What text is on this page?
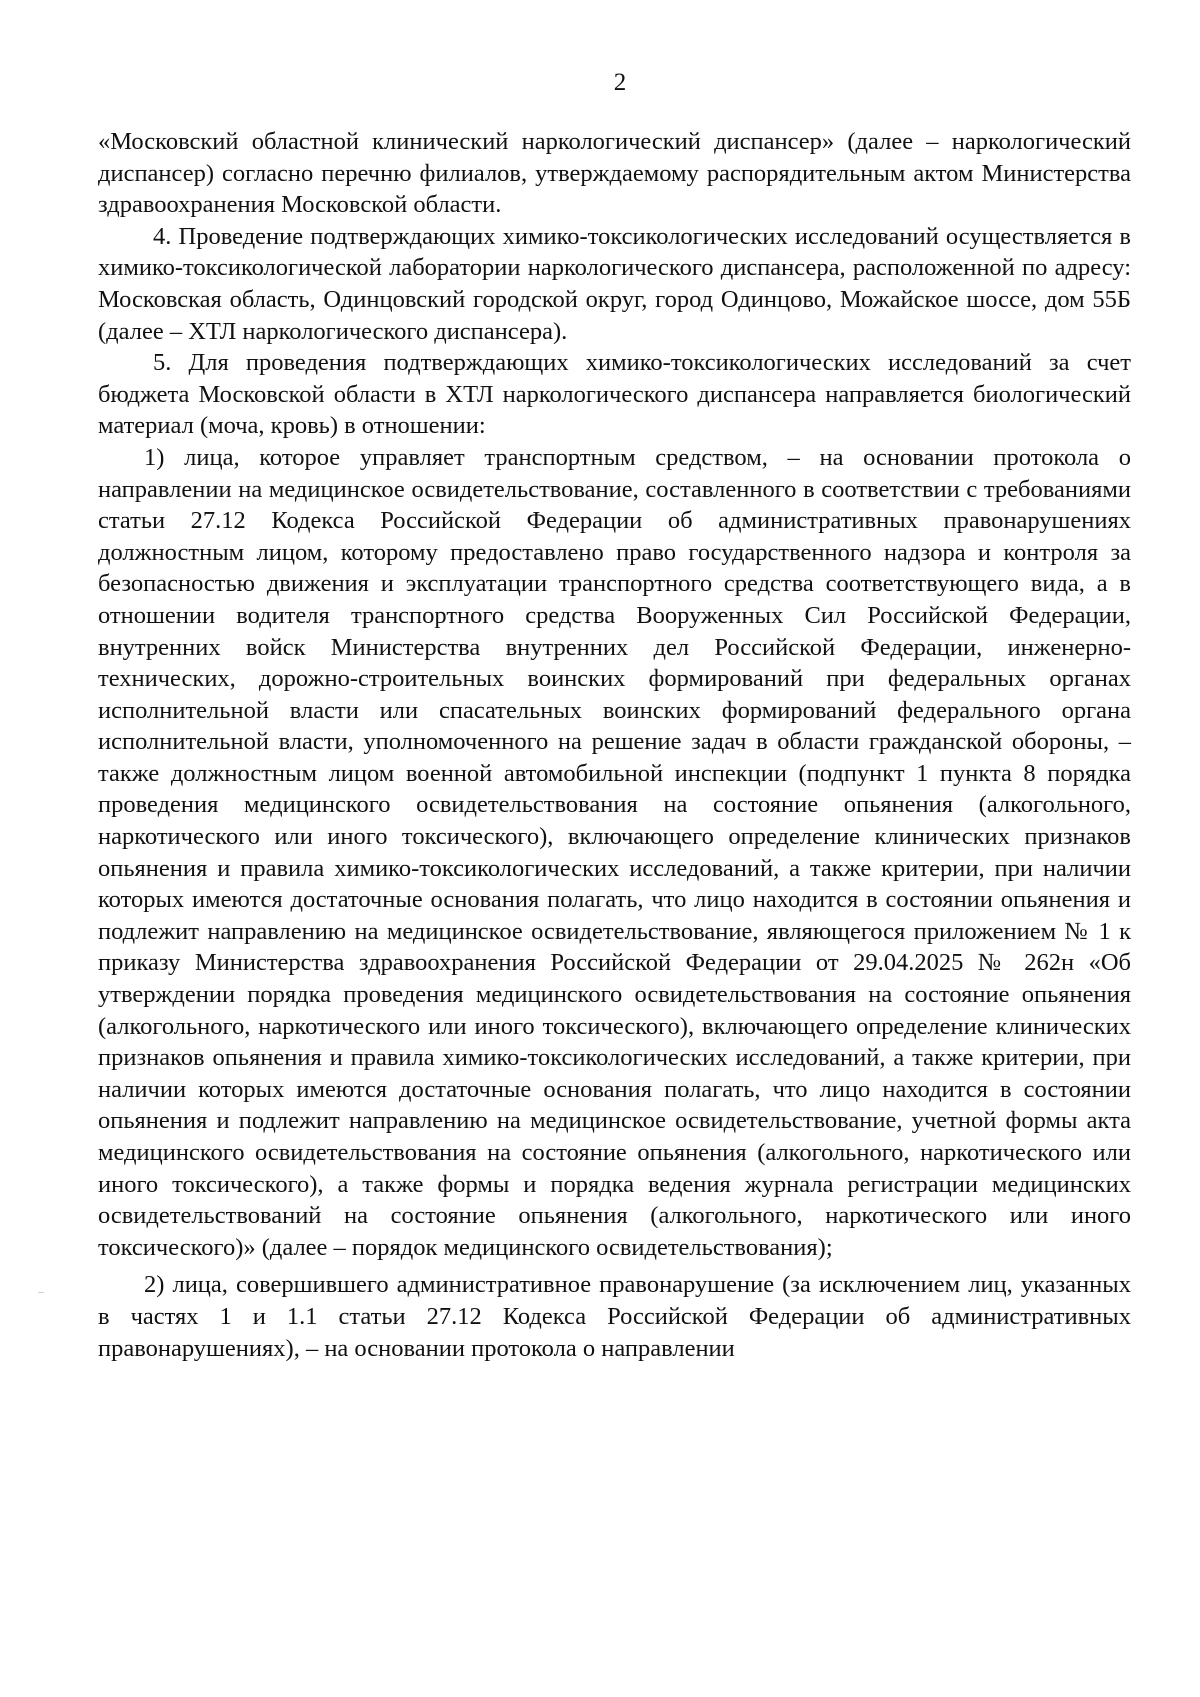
2

«Московский областной клинический наркологический диспансер» (далее – наркологический диспансер) согласно перечню филиалов, утверждаемому распорядительным актом Министерства здравоохранения Московской области.

4. Проведение подтверждающих химико-токсикологических исследований осуществляется в химико-токсикологической лаборатории наркологического диспансера, расположенной по адресу: Московская область, Одинцовский городской округ, город Одинцово, Можайское шоссе, дом 55Б (далее – ХТЛ наркологического диспансера).

5. Для проведения подтверждающих химико-токсикологических исследований за счет бюджета Московской области в ХТЛ наркологического диспансера направляется биологический материал (моча, кровь) в отношении:

1) лица, которое управляет транспортным средством, – на основании протокола о направлении на медицинское освидетельствование, составленного в соответствии с требованиями статьи 27.12 Кодекса Российской Федерации об административных правонарушениях должностным лицом, которому предоставлено право государственного надзора и контроля за безопасностью движения и эксплуатации транспортного средства соответствующего вида, а в отношении водителя транспортного средства Вооруженных Сил Российской Федерации, внутренних войск Министерства внутренних дел Российской Федерации, инженерно-технических, дорожно-строительных воинских формирований при федеральных органах исполнительной власти или спасательных воинских формирований федерального органа исполнительной власти, уполномоченного на решение задач в области гражданской обороны, – также должностным лицом военной автомобильной инспекции (подпункт 1 пункта 8 порядка проведения медицинского освидетельствования на состояние опьянения (алкогольного, наркотического или иного токсического), включающего определение клинических признаков опьянения и правила химико-токсикологических исследований, а также критерии, при наличии которых имеются достаточные основания полагать, что лицо находится в состоянии опьянения и подлежит направлению на медицинское освидетельствование, являющегося приложением № 1 к приказу Министерства здравоохранения Российской Федерации от 29.04.2025 № 262н «Об утверждении порядка проведения медицинского освидетельствования на состояние опьянения (алкогольного, наркотического или иного токсического), включающего определение клинических признаков опьянения и правила химико-токсикологических исследований, а также критерии, при наличии которых имеются достаточные основания полагать, что лицо находится в состоянии опьянения и подлежит направлению на медицинское освидетельствование, учетной формы акта медицинского освидетельствования на состояние опьянения (алкогольного, наркотического или иного токсического), а также формы и порядка ведения журнала регистрации медицинских освидетельствований на состояние опьянения (алкогольного, наркотического или иного токсического)» (далее – порядок медицинского освидетельствования);

2) лица, совершившего административное правонарушение (за исключением лиц, указанных в частях 1 и 1.1 статьи 27.12 Кодекса Российской Федерации об административных правонарушениях), – на основании протокола о направлении
